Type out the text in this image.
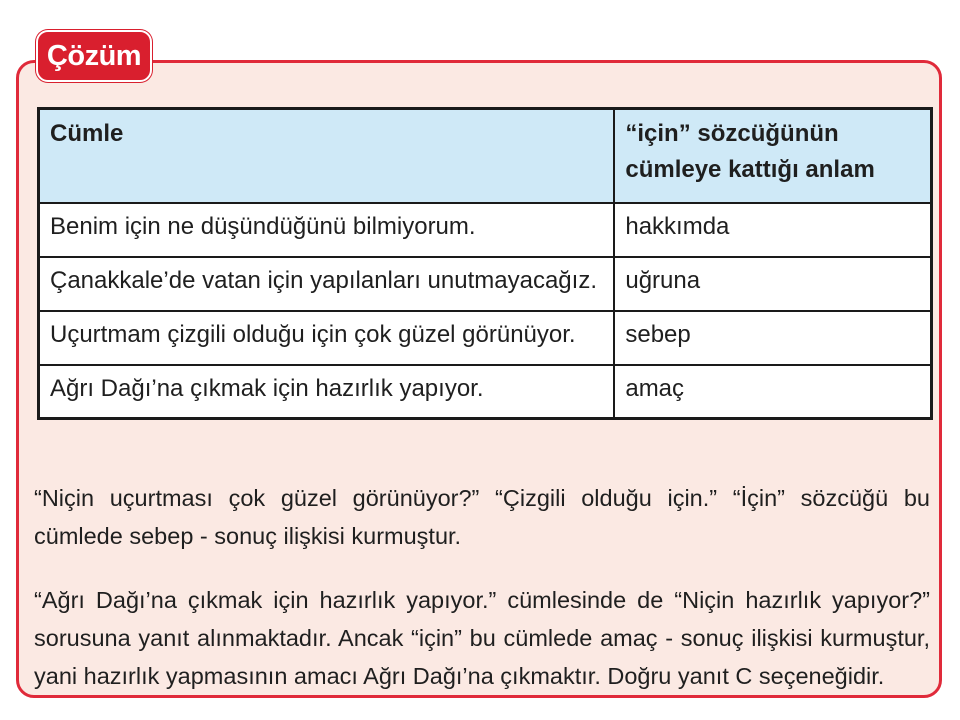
Çözüm
Cümle	“için” sözcüğünün cümleye kattığı anlam
Benim için ne düşündüğünü bilmiyorum.	hakkımda
Çanakkale’de vatan için yapılanları unutmayacağız.	uğruna
Uçurtmam çizgili olduğu için çok güzel görünüyor.	sebep
Ağrı Dağı’na çıkmak için hazırlık yapıyor.	amaç

“Niçin uçurtması çok güzel görünüyor?” “Çizgili olduğu için.” “İçin” sözcüğü bu cümlede sebep - sonuç ilişkisi kurmuştur.

“Ağrı Dağı’na çıkmak için hazırlık yapıyor.” cümlesinde de “Niçin hazırlık yapıyor?” sorusuna yanıt alınmaktadır. Ancak “için” bu cümlede amaç - sonuç ilişkisi kurmuştur, yani hazırlık yapmasının amacı Ağrı Dağı’na çıkmaktır. Doğru yanıt C seçeneğidir.
